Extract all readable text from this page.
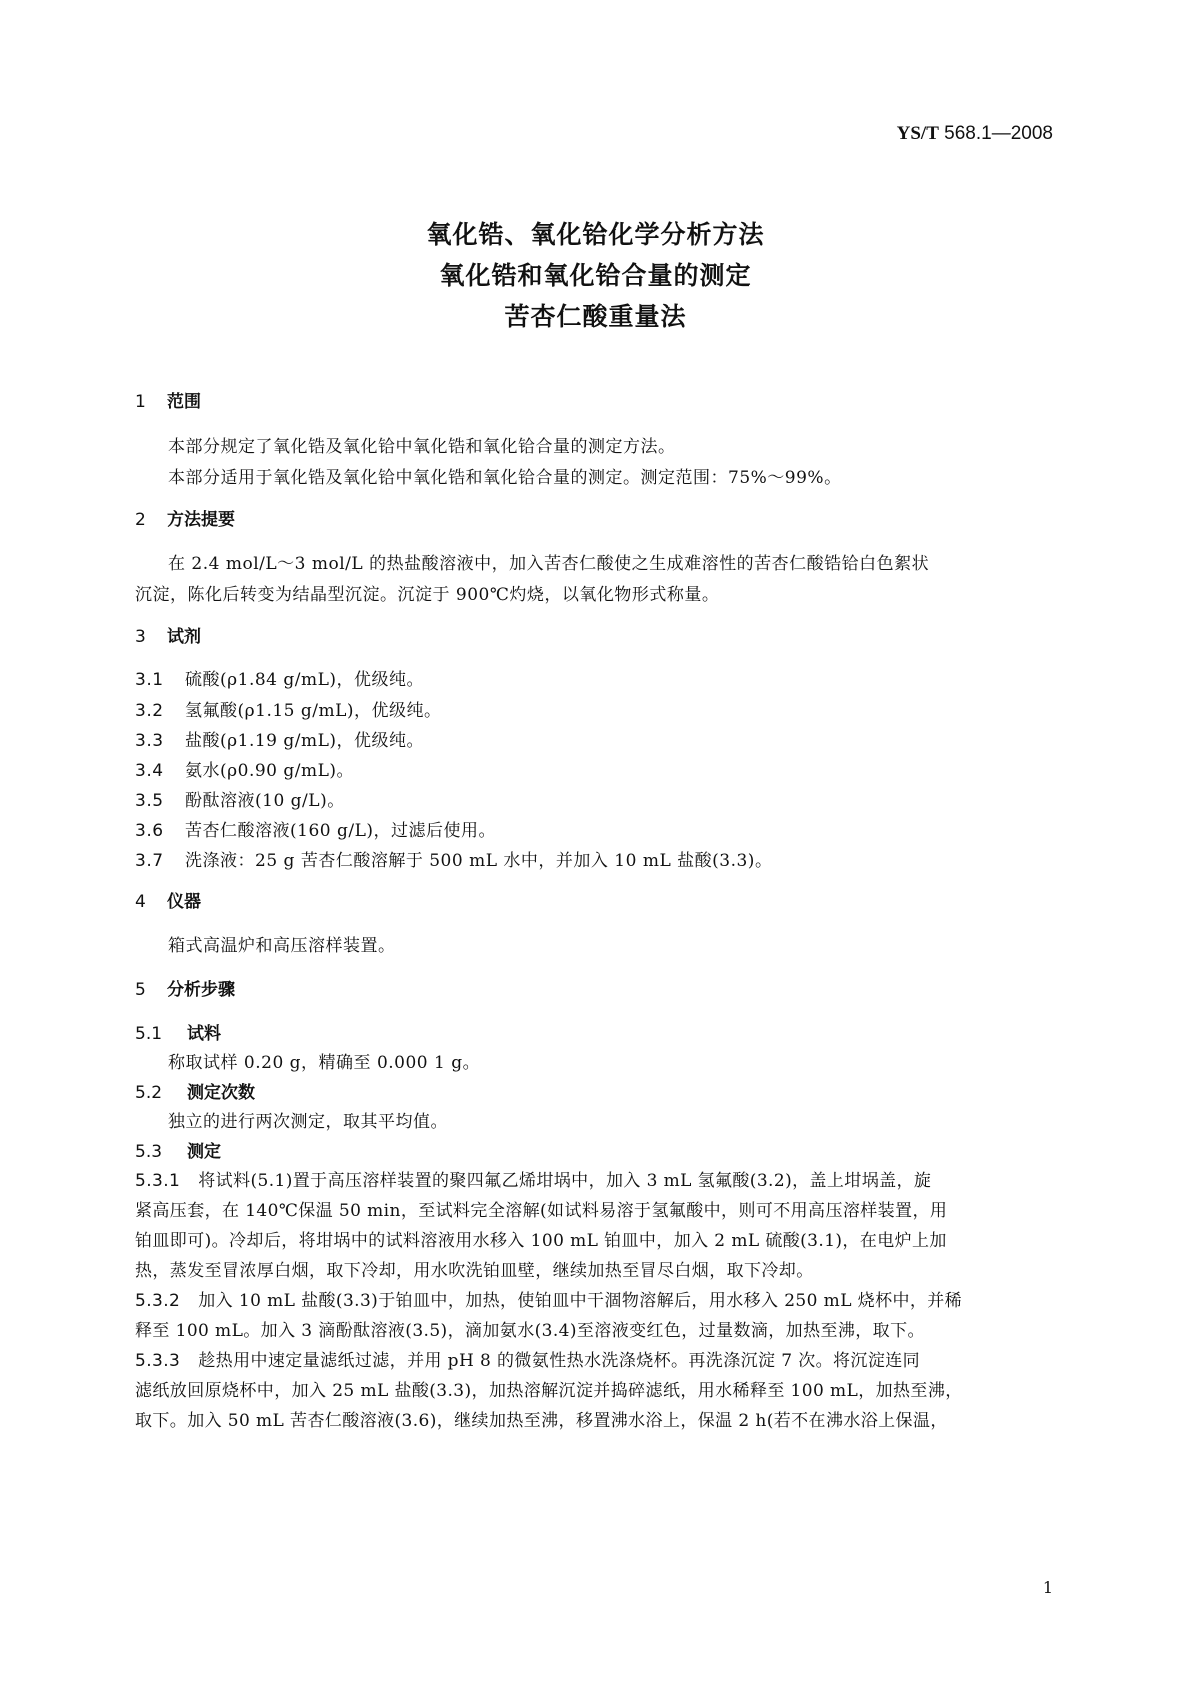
YS/T 568.1—2008
氧化锆、氧化铪化学分析方法
氧化锆和氧化铪合量的测定
苦杏仁酸重量法
1 范围
本部分规定了氧化锆及氧化铪中氧化锆和氧化铪合量的测定方法。
本部分适用于氧化锆及氧化铪中氧化锆和氧化铪合量的测定。测定范围：75%～99%。
2 方法提要
在 2.4 mol/L～3 mol/L 的热盐酸溶液中，加入苦杏仁酸使之生成难溶性的苦杏仁酸锆铪白色絮状
沉淀，陈化后转变为结晶型沉淀。沉淀于 900℃灼烧，以氧化物形式称量。
3 试剂
3.1 硫酸(ρ1.84 g/mL)，优级纯。
3.2 氢氟酸(ρ1.15 g/mL)，优级纯。
3.3 盐酸(ρ1.19 g/mL)，优级纯。
3.4 氨水(ρ0.90 g/mL)。
3.5 酚酞溶液(10 g/L)。
3.6 苦杏仁酸溶液(160 g/L)，过滤后使用。
3.7 洗涤液：25 g 苦杏仁酸溶解于 500 mL 水中，并加入 10 mL 盐酸(3.3)。
4 仪器
箱式高温炉和高压溶样装置。
5 分析步骤
5.1 试料
称取试样 0.20 g，精确至 0.000 1 g。
5.2 测定次数
独立的进行两次测定，取其平均值。
5.3 测定
5.3.1 将试料(5.1)置于高压溶样装置的聚四氟乙烯坩埚中，加入 3 mL 氢氟酸(3.2)，盖上坩埚盖，旋
紧高压套，在 140℃保温 50 min，至试料完全溶解(如试料易溶于氢氟酸中，则可不用高压溶样装置，用
铂皿即可)。冷却后，将坩埚中的试料溶液用水移入 100 mL 铂皿中，加入 2 mL 硫酸(3.1)，在电炉上加
热，蒸发至冒浓厚白烟，取下冷却，用水吹洗铂皿壁，继续加热至冒尽白烟，取下冷却。
5.3.2 加入 10 mL 盐酸(3.3)于铂皿中，加热，使铂皿中干涸物溶解后，用水移入 250 mL 烧杯中，并稀
释至 100 mL。加入 3 滴酚酞溶液(3.5)，滴加氨水(3.4)至溶液变红色，过量数滴，加热至沸，取下。
5.3.3 趁热用中速定量滤纸过滤，并用 pH 8 的微氨性热水洗涤烧杯。再洗涤沉淀 7 次。将沉淀连同
滤纸放回原烧杯中，加入 25 mL 盐酸(3.3)，加热溶解沉淀并捣碎滤纸，用水稀释至 100 mL，加热至沸，
取下。加入 50 mL 苦杏仁酸溶液(3.6)，继续加热至沸，移置沸水浴上，保温 2 h(若不在沸水浴上保温，
1
